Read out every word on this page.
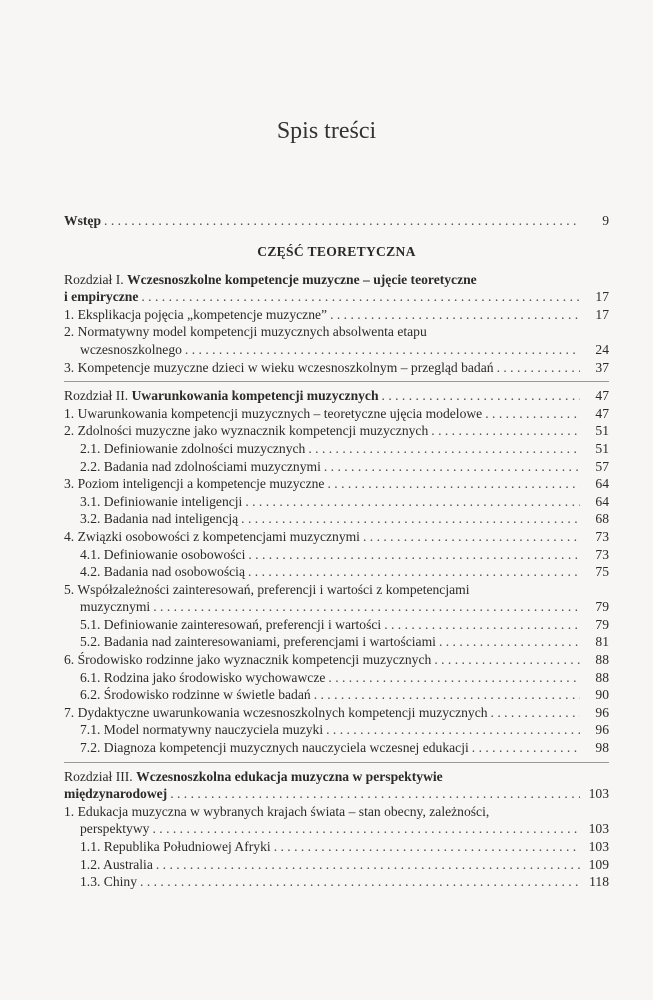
Spis treści
Wstęp . . .	9
CZĘŚĆ TEORETYCZNA
Rozdział I. Wczesnoszkolne kompetencje muzyczne – ujęcie teoretyczne
i empiryczne . . .	17
1. Eksplikacja pojęcia „kompetencje muzyczne” . . .	17
2. Normatywny model kompetencji muzycznych absolwenta etapu
wczesnoszkolnego . . .	24
3. Kompetencje muzyczne dzieci w wieku wczesnoszkolnym – przegląd badań . . .	37
Rozdział II. Uwarunkowania kompetencji muzycznych . . .	47
1. Uwarunkowania kompetencji muzycznych – teoretyczne ujęcia modelowe . . .	47
2. Zdolności muzyczne jako wyznacznik kompetencji muzycznych . . .	51
2.1. Definiowanie zdolności muzycznych . . .	51
2.2. Badania nad zdolnościami muzycznymi . . .	57
3. Poziom inteligencji a kompetencje muzyczne . . .	64
3.1. Definiowanie inteligencji . . .	64
3.2. Badania nad inteligencją . . .	68
4. Związki osobowości z kompetencjami muzycznymi . . .	73
4.1. Definiowanie osobowości . . .	73
4.2. Badania nad osobowością . . .	75
5. Współzależności zainteresowań, preferencji i wartości z kompetencjami
muzycznymi . . .	79
5.1. Definiowanie zainteresowań, preferencji i wartości . . .	79
5.2. Badania nad zainteresowaniami, preferencjami i wartościami . . .	81
6. Środowisko rodzinne jako wyznacznik kompetencji muzycznych . . .	88
6.1. Rodzina jako środowisko wychowawcze . . .	88
6.2. Środowisko rodzinne w świetle badań . . .	90
7. Dydaktyczne uwarunkowania wczesnoszkolnych kompetencji muzycznych . . .	96
7.1. Model normatywny nauczyciela muzyki . . .	96
7.2. Diagnoza kompetencji muzycznych nauczyciela wczesnej edukacji . . .	98
Rozdział III. Wczesnoszkolna edukacja muzyczna w perspektywie
międzynarodowej . . .	103
1. Edukacja muzyczna w wybranych krajach świata – stan obecny, zależności,
perspektywy . . .	103
1.1. Republika Południowej Afryki . . .	103
1.2. Australia . . .	109
1.3. Chiny . . .	118
